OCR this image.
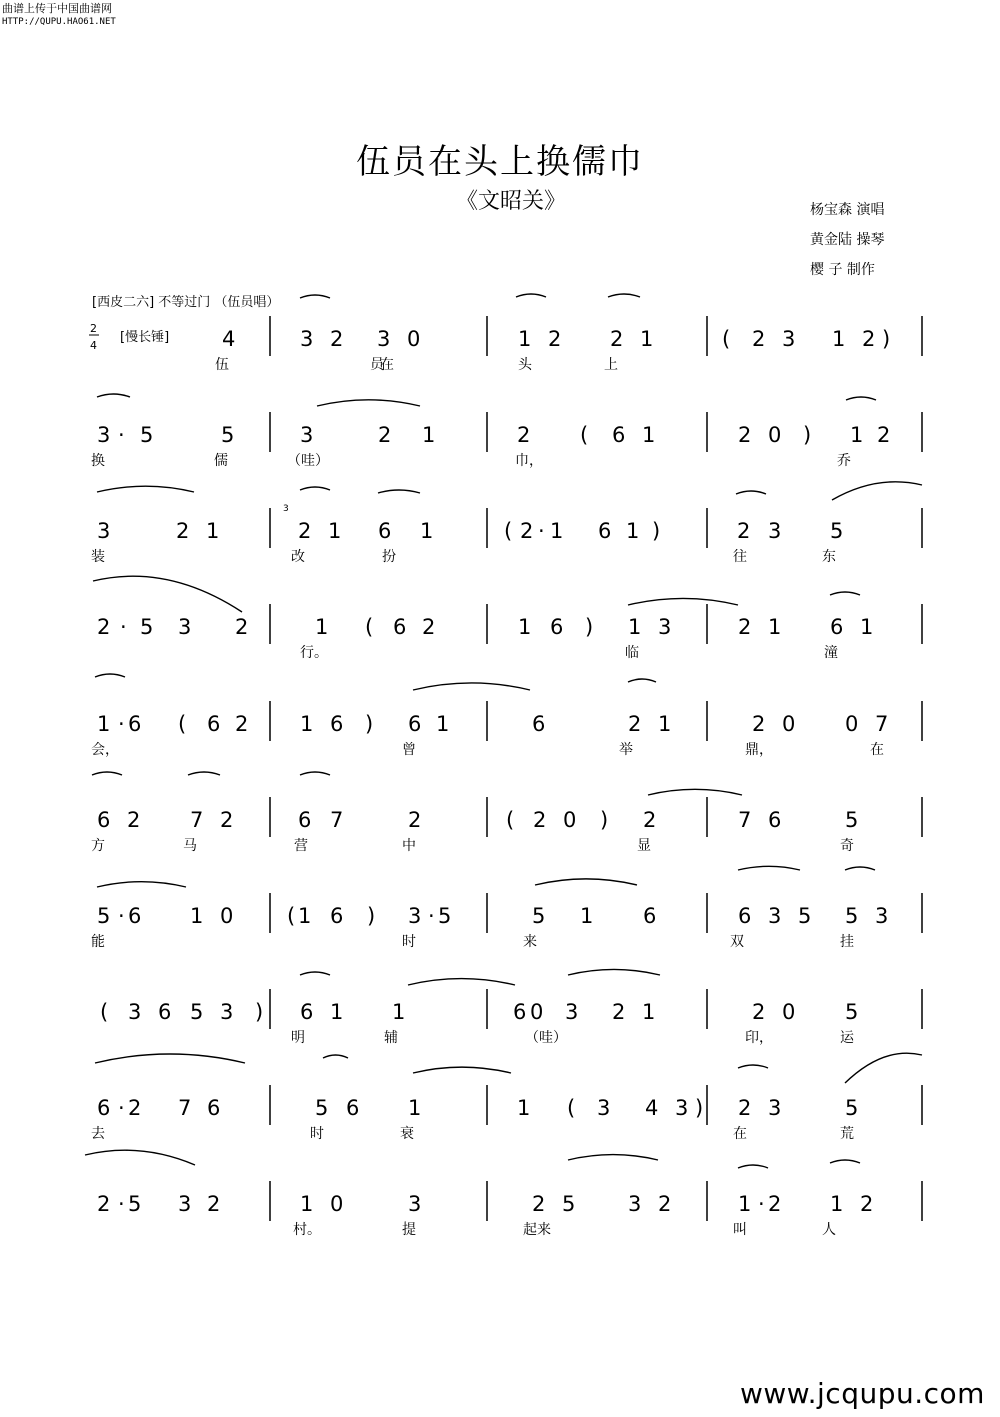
曲谱上传于中国曲谱网
HTTP://QUPU.HAO61.NET
伍员在头上换儒巾
《文昭关》	杨宝森 演唱
黄金陆 操琴
樱 子 制作
[西皮二六] 不等过门 （伍员唱）
2
4
[慢长锤]
3
4	3 2 3 0	1 2 2 1	( 2 3 1 2 )
伍	员
在	头	上
3 · 5	5	3	2 1	2 ( 6 1	2 0 ) 1 2
换	儒	（哇）	巾，	乔
3	2 1	2 1 6 1	( 2 · 1 6 1 )	2 3 5
装	改	扮	往	东
2 · 5 3 2	1 ( 6 2	1 6 ) 1 3	2 1 6 1
行。	临	潼
1 · 6 ( 6 2 1 6 ) 6 1	6	2 1	2 0 0 7
会，	曾	举	鼎，	在
6 2 7 2	6 7	2	( 2 0 ) 2	7 6	5
方	马	营	中	显	奇
5 · 6 1 0	( 1 6 ) 3 · 5	5 1 6	6 3 5 5 3
能	时	来	双	挂
( 3 6 5 3 ) 6 1 1	6 0 3 2 1	2 0 5
明	辅	（哇）	印，	运
6 · 2 7 6	5 6 1	1 ( 3 4 3 ) 2 3	5
去	时	衰	在	荒
2 · 5 3 2	1 0	3	2 5	3 2	1 · 2 1 2
村。	提	起来	叫	人
www.jcqupu.com
